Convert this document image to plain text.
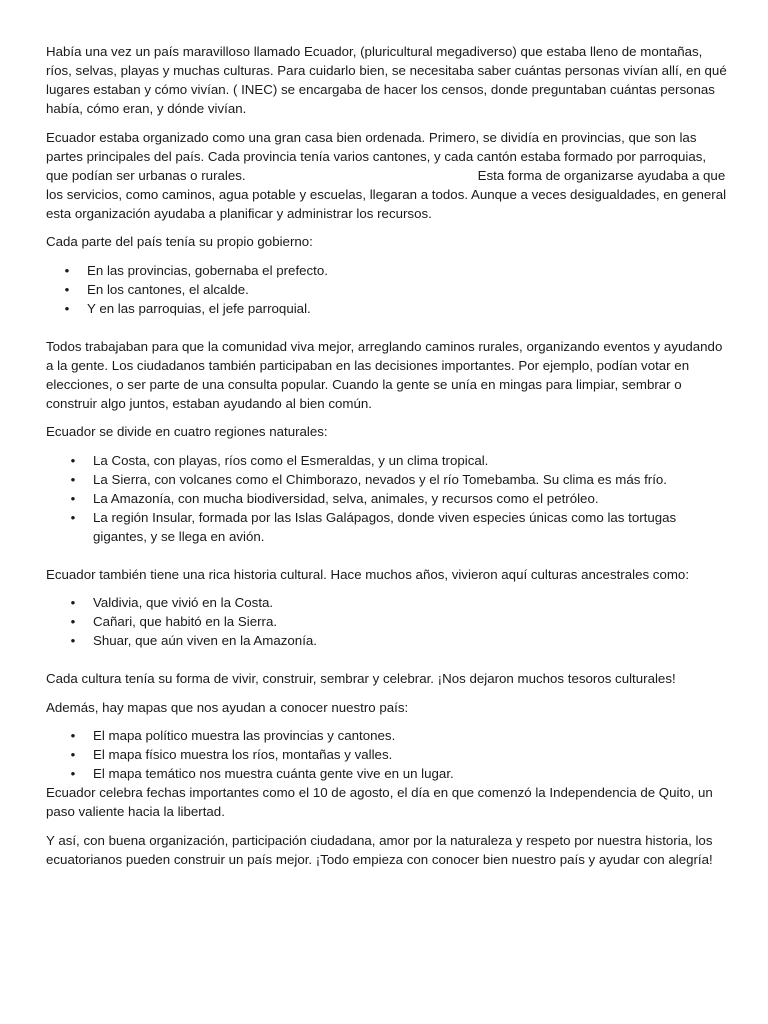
Había una vez un país maravilloso llamado Ecuador, (pluricultural megadiverso) que estaba lleno de montañas, ríos, selvas, playas y muchas culturas. Para cuidarlo bien, se necesitaba saber cuántas personas vivían allí, en qué lugares estaban y cómo vivían. ( INEC) se encargaba de hacer los censos, donde preguntaban cuántas personas había, cómo eran, y dónde vivían.

Ecuador estaba organizado como una gran casa bien ordenada. Primero, se dividía en provincias, que son las partes principales del país. Cada provincia tenía varios cantones, y cada cantón estaba formado por parroquias, que podían ser urbanas o rurales.	Esta forma de organizarse ayudaba a que los servicios, como caminos, agua potable y escuelas, llegaran a todos. Aunque a veces desigualdades, en general esta organización ayudaba a planificar y administrar los recursos.

Cada parte del país tenía su propio gobierno:

• En las provincias, gobernaba el prefecto.
• En los cantones, el alcalde.
• Y en las parroquias, el jefe parroquial.

Todos trabajaban para que la comunidad viva mejor, arreglando caminos rurales, organizando eventos y ayudando a la gente. Los ciudadanos también participaban en las decisiones importantes. Por ejemplo, podían votar en elecciones, o ser parte de una consulta popular. Cuando la gente se unía en mingas para limpiar, sembrar o construir algo juntos, estaban ayudando al bien común.

Ecuador se divide en cuatro regiones naturales:

• La Costa, con playas, ríos como el Esmeraldas, y un clima tropical.
• La Sierra, con volcanes como el Chimborazo, nevados y el río Tomebamba. Su clima es más frío.
• La Amazonía, con mucha biodiversidad, selva, animales, y recursos como el petróleo.
• La región Insular, formada por las Islas Galápagos, donde viven especies únicas como las tortugas gigantes, y se llega en avión.

Ecuador también tiene una rica historia cultural. Hace muchos años, vivieron aquí culturas ancestrales como:

• Valdivia, que vivió en la Costa.
• Cañari, que habitó en la Sierra.
• Shuar, que aún viven en la Amazonía.

Cada cultura tenía su forma de vivir, construir, sembrar y celebrar. ¡Nos dejaron muchos tesoros culturales!

Además, hay mapas que nos ayudan a conocer nuestro país:

• El mapa político muestra las provincias y cantones.
• El mapa físico muestra los ríos, montañas y valles.
• El mapa temático nos muestra cuánta gente vive en un lugar.

Ecuador celebra fechas importantes como el 10 de agosto, el día en que comenzó la Independencia de Quito, un paso valiente hacia la libertad.

Y así, con buena organización, participación ciudadana, amor por la naturaleza y respeto por nuestra historia, los ecuatorianos pueden construir un país mejor. ¡Todo empieza con conocer bien nuestro país y ayudar con alegría!
